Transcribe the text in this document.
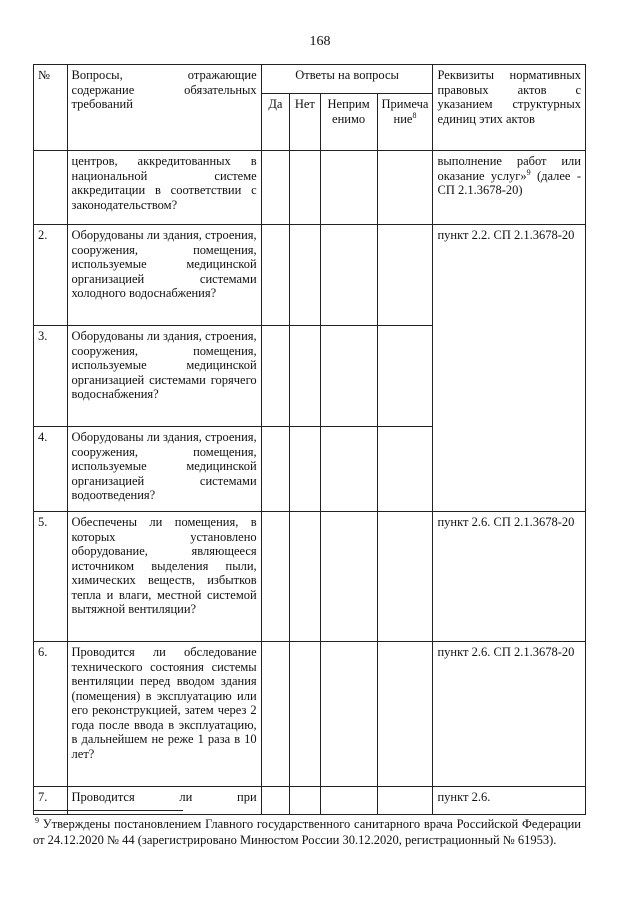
168
№	Вопросы, отражающие содержание обязательных требований	Ответы на вопросы				Реквизиты нормативных правовых актов с указанием структурных единиц этих актов
		Да	Нет	Неприм енимо	Примеча ние$^8$
	центров, аккредитованных в национальной системе аккредитации в соответствии с законодательством?					выполнение работ или оказание услуг»$^9$ (далее - СП 2.1.3678-20)
2.	Оборудованы ли здания, строения, сооружения, помещения, используемые медицинской организацией системами холодного водоснабжения?					пункт 2.2. СП 2.1.3678-20
3.	Оборудованы ли здания, строения, сооружения, помещения, используемые медицинской организацией системами горячего водоснабжения?					
4.	Оборудованы ли здания, строения, сооружения, помещения, используемые медицинской организацией системами водоотведения?					
5.	Обеспечены ли помещения, в которых установлено оборудование, являющееся источником выделения пыли, химических веществ, избытков тепла и влаги, местной системой вытяжной вентиляции?					пункт 2.6. СП 2.1.3678-20
6.	Проводится ли обследование технического состояния системы вентиляции перед вводом здания (помещения) в эксплуатацию или его реконструкцией, затем через 2 года после ввода в эксплуатацию, в дальнейшем не реже 1 раза в 10 лет?					пункт 2.6. СП 2.1.3678-20
7.	Проводится ли при					пункт 2.6.
$^9$ Утверждены постановлением Главного государственного санитарного врача Российской Федерации от 24.12.2020 № 44 (зарегистрировано Минюстом России 30.12.2020, регистрационный № 61953).
